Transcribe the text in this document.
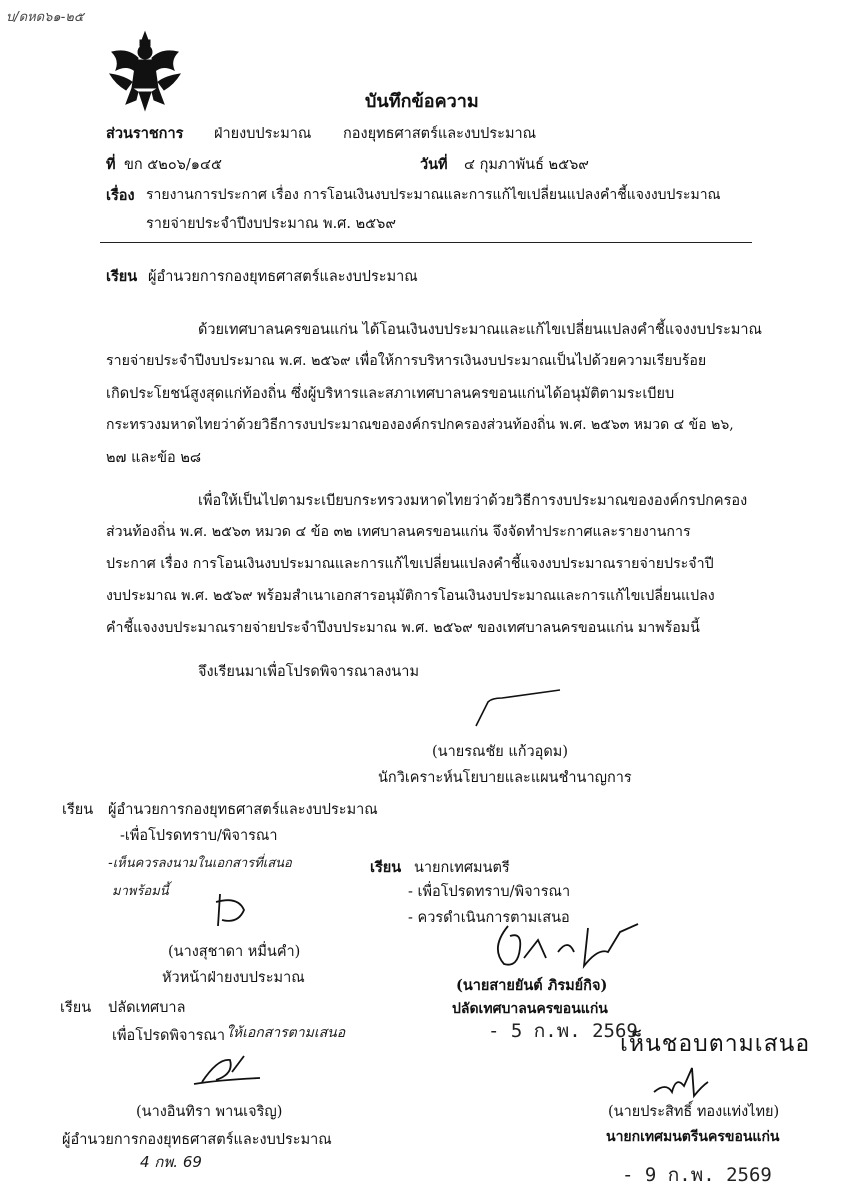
บ/ดหด๖๑-๒๕
บันทึกข้อความ
ส่วนราชการ ฝ่ายงบประมาณ กองยุทธศาสตร์และงบประมาณ
ที่ ขก ๕๒๐๖/๑๔๕	วันที่ ๔ กุมภาพันธ์ ๒๕๖๙
เรื่อง รายงานการประกาศ เรื่อง การโอนเงินงบประมาณและการแก้ไขเปลี่ยนแปลงคำชี้แจงงบประมาณ
รายจ่ายประจำปีงบประมาณ พ.ศ. ๒๕๖๙
เรียน ผู้อำนวยการกองยุทธศาสตร์และงบประมาณ
ด้วยเทศบาลนครขอนแก่น ได้โอนเงินงบประมาณและแก้ไขเปลี่ยนแปลงคำชี้แจงงบประมาณ
รายจ่ายประจำปีงบประมาณ พ.ศ. ๒๕๖๙ เพื่อให้การบริหารเงินงบประมาณเป็นไปด้วยความเรียบร้อย
เกิดประโยชน์สูงสุดแก่ท้องถิ่น ซึ่งผู้บริหารและสภาเทศบาลนครขอนแก่นได้อนุมัติตามระเบียบ
กระทรวงมหาดไทยว่าด้วยวิธีการงบประมาณขององค์กรปกครองส่วนท้องถิ่น พ.ศ. ๒๕๖๓ หมวด ๔ ข้อ ๒๖,
๒๗ และข้อ ๒๘
เพื่อให้เป็นไปตามระเบียบกระทรวงมหาดไทยว่าด้วยวิธีการงบประมาณขององค์กรปกครอง
ส่วนท้องถิ่น พ.ศ. ๒๕๖๓ หมวด ๔ ข้อ ๓๒ เทศบาลนครขอนแก่น จึงจัดทำประกาศและรายงานการ
ประกาศ เรื่อง การโอนเงินงบประมาณและการแก้ไขเปลี่ยนแปลงคำชี้แจงงบประมาณรายจ่ายประจำปี
งบประมาณ พ.ศ. ๒๕๖๙ พร้อมสำเนาเอกสารอนุมัติการโอนเงินงบประมาณและการแก้ไขเปลี่ยนแปลง
คำชี้แจงงบประมาณรายจ่ายประจำปีงบประมาณ พ.ศ. ๒๕๖๙ ของเทศบาลนครขอนแก่น มาพร้อมนี้
จึงเรียนมาเพื่อโปรดพิจารณาลงนาม
(นายรณชัย แก้วอุดม)
นักวิเคราะห์นโยบายและแผนชำนาญการ
เรียน ผู้อำนวยการกองยุทธศาสตร์และงบประมาณ
-เพื่อโปรดทราบ/พิจารณา
-เห็นควรลงนามในเอกสารที่เสนอ
มาพร้อมนี้
(นางสุชาดา หมื่นคำ)
หัวหน้าฝ่ายงบประมาณ
เรียน นายกเทศมนตรี
- เพื่อโปรดทราบ/พิจารณา
- ควรดำเนินการตามเสนอ
(นายสายยันต์ ภิรมย์กิจ)
ปลัดเทศบาลนครขอนแก่น
- 5 ก.พ. 2569
เรียน ปลัดเทศบาล
เพื่อโปรดพิจารณา ให้เอกสารตามเสนอ
(นางอินทิรา พานเจริญ)
ผู้อำนวยการกองยุทธศาสตร์และงบประมาณ
4 กพ. 69
เห็นชอบตามเสนอ
(นายประสิทธิ์ ทองแท่งไทย)
นายกเทศมนตรีนครขอนแก่น
- 9 ก.พ. 2569
